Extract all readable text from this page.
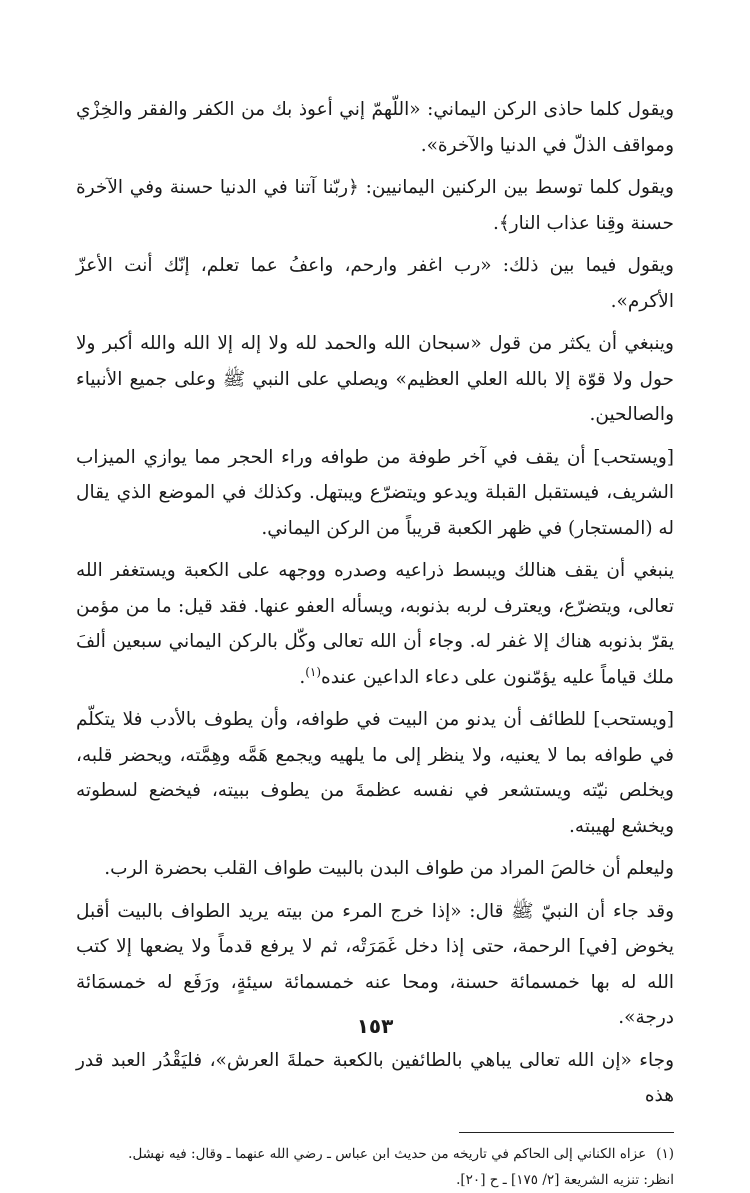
ويقول كلما حاذى الركن اليماني: «اللّهمّ إني أعوذ بك من الكفر والفقر والخِزْي ومواقف الذلّ في الدنيا والآخرة».

ويقول كلما توسط بين الركنين اليمانيين: ﴿ربّنا آتنا في الدنيا حسنة وفي الآخرة حسنة وقِنا عذاب النار﴾.

ويقول فيما بين ذلك: «رب اغفر وارحم، واعفُ عما تعلم، إنّك أنت الأعزّ الأكرم».

وينبغي أن يكثر من قول «سبحان الله والحمد لله ولا إله إلا الله والله أكبر ولا حول ولا قوّة إلا بالله العلي العظيم» ويصلي على النبي ﷺ وعلى جميع الأنبياء والصالحين.

[ويستحب] أن يقف في آخر طوفة من طوافه وراء الحجر مما يوازي الميزاب الشريف، فيستقبل القبلة ويدعو ويتضرّع ويبتهل. وكذلك في الموضع الذي يقال له (المستجار) في ظهر الكعبة قريباً من الركن اليماني.

ينبغي أن يقف هنالك ويبسط ذراعيه وصدره ووجهه على الكعبة ويستغفر الله تعالى، ويتضرّع، ويعترف لربه بذنوبه، ويسأله العفو عنها. فقد قيل: ما من مؤمن يقرّ بذنوبه هناك إلا غفر له. وجاء أن الله تعالى وكّل بالركن اليماني سبعين ألفَ ملك قياماً عليه يؤمّنون على دعاء الداعين عنده$^{(١)}$.

[ويستحب] للطائف أن يدنو من البيت في طوافه، وأن يطوف بالأدب فلا يتكلّم في طوافه بما لا يعنيه، ولا ينظر إلى ما يلهيه ويجمع هَمَّه وهِمَّته، ويحضر قلبه، ويخلص نيّته ويستشعر في نفسه عظمةَ من يطوف ببيته، فيخضع لسطوته ويخشع لهيبته.

وليعلم أن خالصَ المراد من طواف البدن بالبيت طواف القلب بحضرة الرب.

وقد جاء أن النبيّ ﷺ قال: «إذا خرج المرء من بيته يريد الطواف بالبيت أقبل يخوض [في] الرحمة، حتى إذا دخل غَمَرَتْه، ثم لا يرفع قدماً ولا يضعها إلا كتب الله له بها خمسمائة حسنة، ومحا عنه خمسمائة سيئةٍ، ورَفَع له خمسمَائة درجة».

وجاء «إن الله تعالى يباهي بالطائفين بالكعبة حملةَ العرش»، فليَقْدُر العبد قدر هذه

(١)عزاه الكناني إلى الحاكم في تاريخه من حديث ابن عباس ـ رضي الله عنهما ـ وقال: فيه نهشل.

انظر: تنزيه الشريعة [٢/ ١٧٥] ـ ح [٢٠].

١٥٣
